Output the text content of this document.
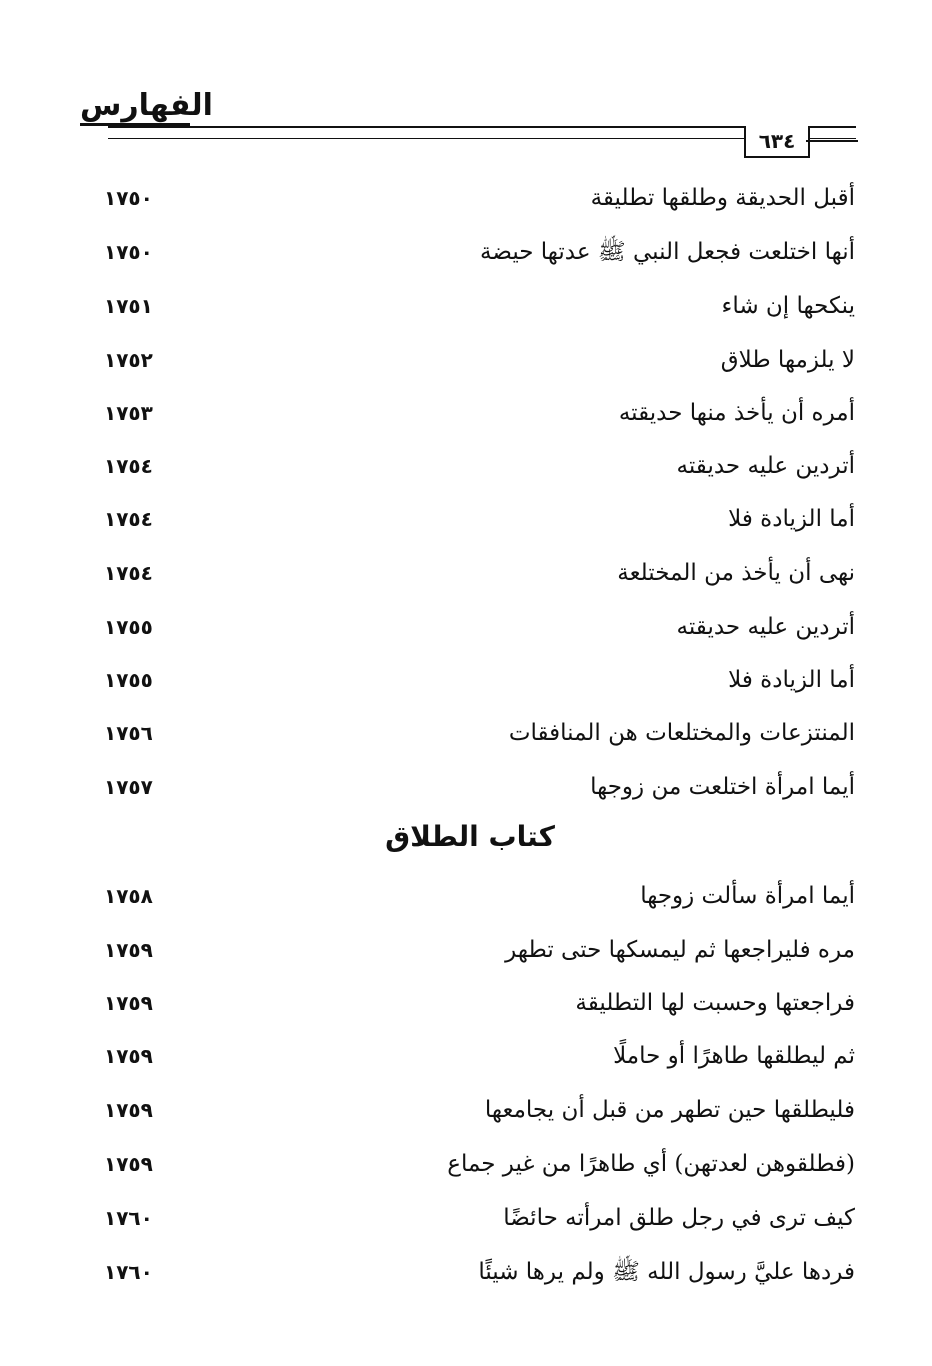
الفهارس
٦٣٤
أقبل الحديقة وطلقها تطليقة
١٧٥٠
أنها اختلعت فجعل النبي ﷺ عدتها حيضة
١٧٥٠
ينكحها إن شاء
١٧٥١
لا يلزمها طلاق
١٧٥٢
أمره أن يأخذ منها حديقته
١٧٥٣
أتردين عليه حديقته
١٧٥٤
أما الزيادة فلا
١٧٥٤
نهى أن يأخذ من المختلعة
١٧٥٤
أتردين عليه حديقته
١٧٥٥
أما الزيادة فلا
١٧٥٥
المنتزعات والمختلعات هن المنافقات
١٧٥٦
أيما امرأة اختلعت من زوجها
١٧٥٧
كتاب الطلاق
أيما امرأة سألت زوجها
١٧٥٨
مره فليراجعها ثم ليمسكها حتى تطهر
١٧٥٩
فراجعتها وحسبت لها التطليقة
١٧٥٩
ثم ليطلقها طاهرًا أو حاملًا
١٧٥٩
فليطلقها حين تطهر من قبل أن يجامعها
١٧٥٩
(فطلقوهن لعدتهن) أي طاهرًا من غير جماع
١٧٥٩
كيف ترى في رجل طلق امرأته حائضًا
١٧٦٠
فردها عليَّ رسول الله ﷺ ولم يرها شيئًا
١٧٦٠
